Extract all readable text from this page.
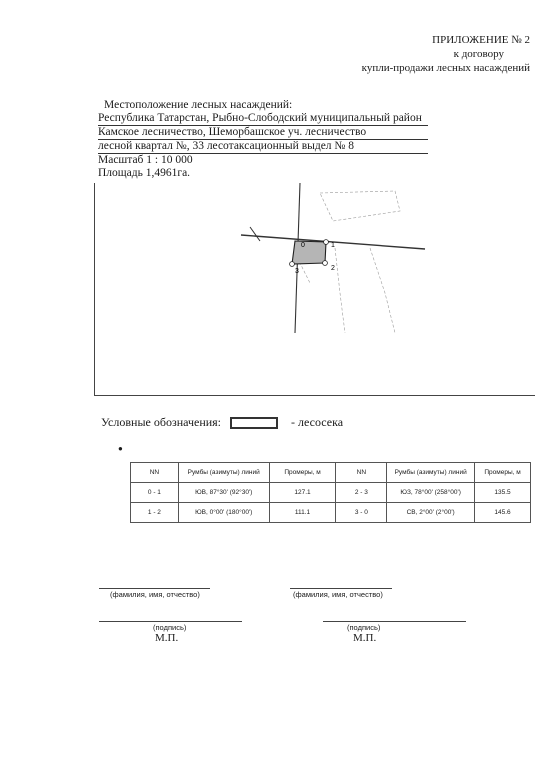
ПРИЛОЖЕНИЕ № 2
к договору
купли-продажи лесных насаждений
Местоположение лесных насаждений:
Республика Татарстан, Рыбно-Слободский муниципальный район
Камское лесничество, Шеморбашское уч. лесничество
лесной квартал №, 33 лесотаксационный выдел № 8
Масштаб 1 : 10 000
Площадь 1,4961га.
0	1
2
3
Условные обозначения:	- лесосека
●
NN	Румбы (азимуты) линий	Промеры, м	NN	Румбы (азимуты) линий	Промеры, м
0 - 1	ЮВ, 87°30' (92°30')	127.1	2 - 3	ЮЗ, 78°00' (258°00')	135.5
1 - 2	ЮВ, 0°00' (180°00')	111.1	3 - 0	СВ, 2°00' (2°00')	145.6
(фамилия, имя, отчество)	(фамилия, имя, отчество)
(подпись)	(подпись)
М.П.	М.П.
